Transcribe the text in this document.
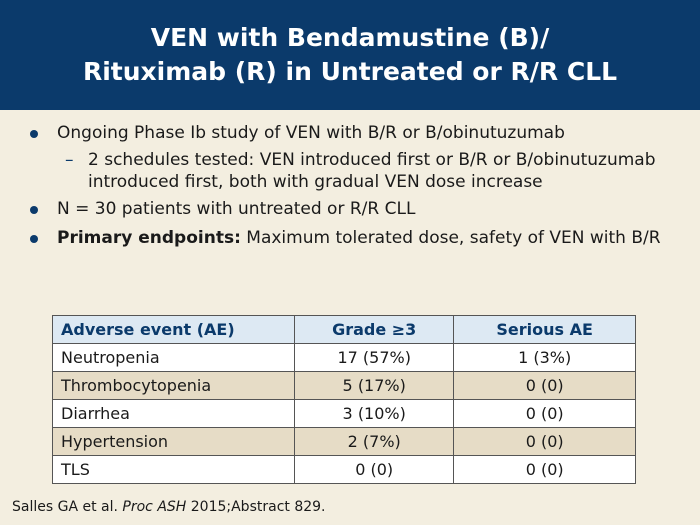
VEN with Bendamustine (B)/
Rituximab (R) in Untreated or R/R CLL
Ongoing Phase Ib study of VEN with B/R or B/obinutuzumab
– 2 schedules tested: VEN introduced first or B/R or B/obinutuzumab introduced first, both with gradual VEN dose increase
N = 30 patients with untreated or R/R CLL
Primary endpoints: Maximum tolerated dose, safety of VEN with B/R
Adverse event (AE)	Grade ≥3	Serious AE
Neutropenia	17 (57%)	1 (3%)
Thrombocytopenia	5 (17%)	0 (0)
Diarrhea	3 (10%)	0 (0)
Hypertension	2 (7%)	0 (0)
TLS	0 (0)	0 (0)
Salles GA et al. Proc ASH 2015;Abstract 829.
